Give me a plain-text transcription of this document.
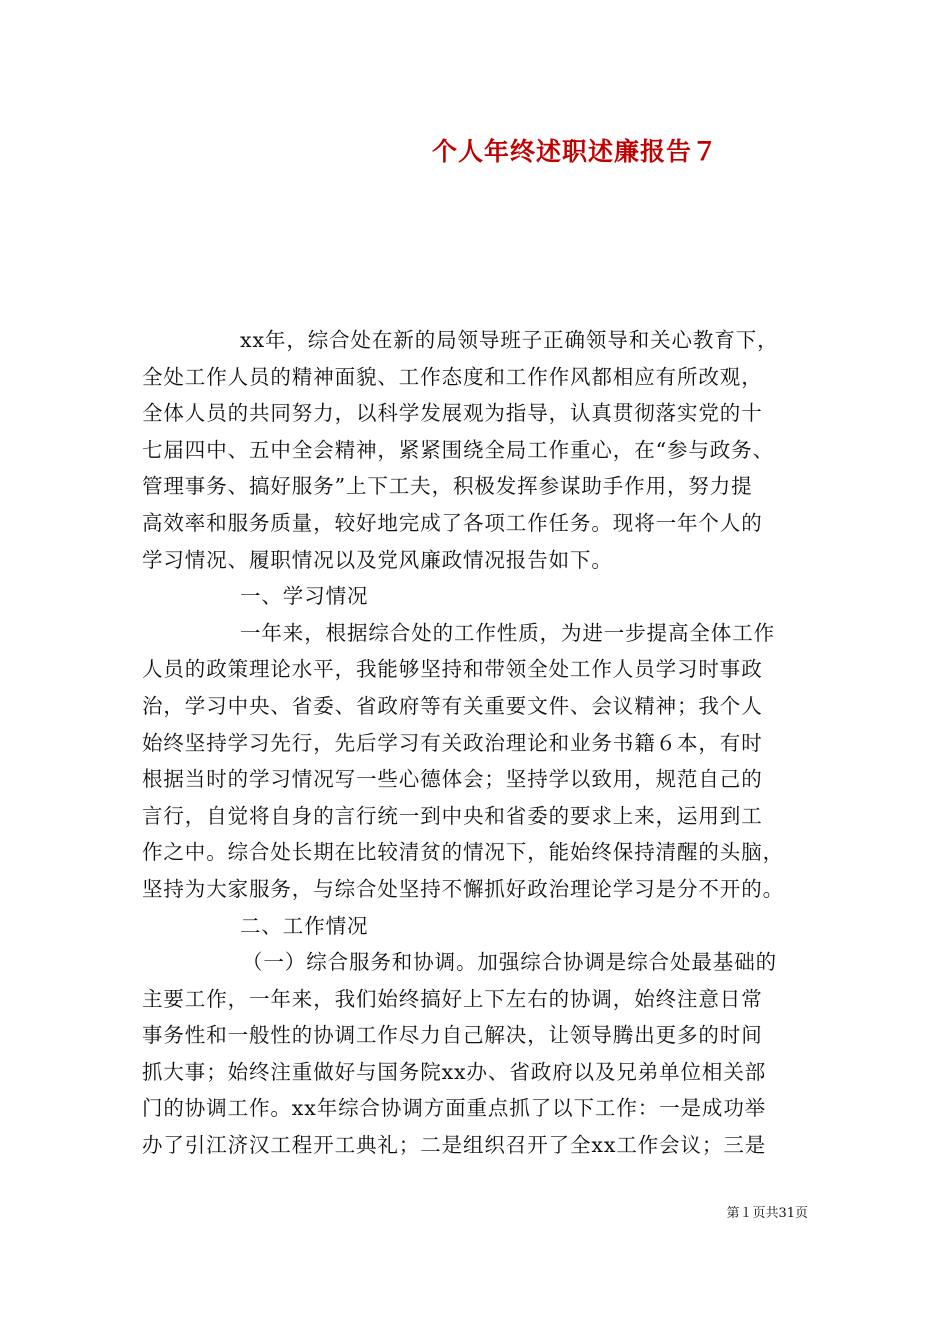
个人年终述职述廉报告７
xx年，综合处在新的局领导班子正确领导和关心教育下，
全处工作人员的精神面貌、工作态度和工作作风都相应有所改观，
全体人员的共同努力，以科学发展观为指导，认真贯彻落实党的十
七届四中、五中全会精神，紧紧围绕全局工作重心，在“参与政务、
管理事务、搞好服务”上下工夫，积极发挥参谋助手作用，努力提
高效率和服务质量，较好地完成了各项工作任务。现将一年个人的
学习情况、履职情况以及党风廉政情况报告如下。
一、学习情况
一年来，根据综合处的工作性质，为进一步提高全体工作
人员的政策理论水平，我能够坚持和带领全处工作人员学习时事政
治，学习中央、省委、省政府等有关重要文件、会议精神；我个人
始终坚持学习先行，先后学习有关政治理论和业务书籍６本，有时
根据当时的学习情况写一些心德体会；坚持学以致用，规范自己的
言行，自觉将自身的言行统一到中央和省委的要求上来，运用到工
作之中。综合处长期在比较清贫的情况下，能始终保持清醒的头脑，
坚持为大家服务，与综合处坚持不懈抓好政治理论学习是分不开的。
二、工作情况
（一）综合服务和协调。加强综合协调是综合处最基础的
主要工作，一年来，我们始终搞好上下左右的协调，始终注意日常
事务性和一般性的协调工作尽力自己解决，让领导腾出更多的时间
抓大事；始终注重做好与国务院xx办、省政府以及兄弟单位相关部
门的协调工作。xx年综合协调方面重点抓了以下工作：一是成功举
办了引江济汉工程开工典礼；二是组织召开了全xx工作会议；三是
第１页共31页
